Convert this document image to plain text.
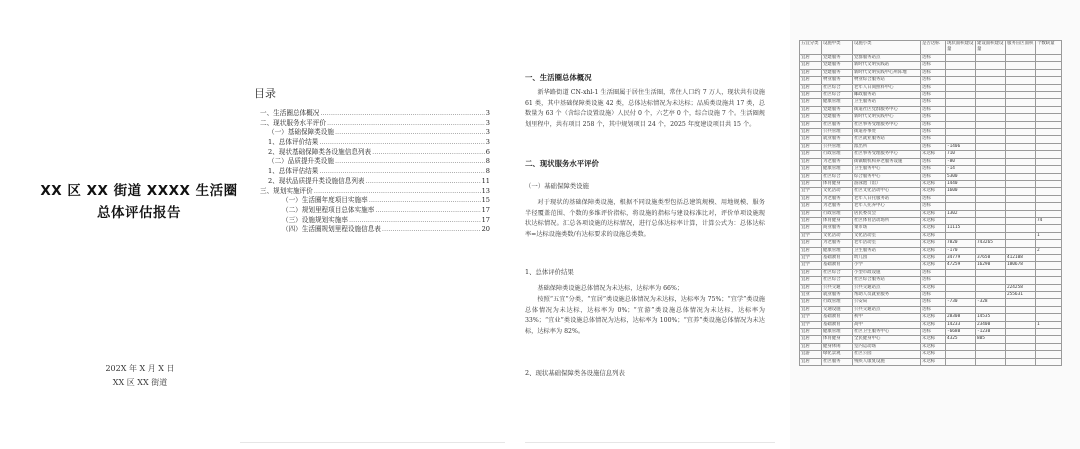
XX 区 XX 街道 XXXX 生活圈
总体评估报告
202X 年 X 月 X 日
XX 区 XX 街道
目录
一、生活圈总体概况 .....	3
二、现状服务水平评价 .....	3
（一）基础保障类设施 .....	3
1、总体评价结果 .....	3
2、现状基础保障类各设施信息列表 .....	6
（二）品质提升类设施 .....	8
1、总体评估结果 .....	8
2、现状品质提升类设施信息列表 .....	11
三、规划实施评价 .....	13
（一）生活圈年度项目实施率 .....	15
（二）规划里程项目总体实施率 .....	17
（三）设施规划实施率 .....	17
（四）生活圈规划里程设施信息表 .....	20
一、生活圈总体概况
新华路街道 CN-xhl-1 生活圈属于居住生活圈，常住人口约 7 万人，现状共有设施 61 类，其中基础保障类设施 42 类，总体达标情况为未达标；品质类设施共 17 类，总数量为 63 个（含综合设置设施）人民付 0 个，六艺亭 0 个，综合设施 7 个。生活圈规划里程中，共有项目 258 个，其中规划项目 24 个，2025 年度建设项目共 15 个。
二、现状服务水平评价
（一）基础保障类设施
对于现状的基础保障类设施，根据不同设施类型包括总建筑规模、用地规模、服务半径覆盖范围、个数的多维评价指标，将设施的指标与建设标准比对，评价单项设施现状达标情况。汇总各项设施的达标情况，进行总体达标率计算，计算公式为：总体达标率=达标设施类数/有达标要求的设施总类数。
1、总体评价结果
基础保障类设施总体情况为未达标，达标率为 66%；
按照“五宜”分类，“宜居”类设施总体情况为未达标，达标率为 75%；“宜学”类设施总体情况为未达标，达标率为 0%；“宜游”类设施总体情况为未达标，达标率为 33%；“宜业”类设施总体情况为达标，达标率为 100%；“宜养”类设施总体情况为未达标，达标率为 82%。
2、现状基础保障类各设施信息列表
五宜分类	设施中类	设施小类	是否达标	现状面积建设量	建设面积建设量	服务盲区面积	个数缺量
宜居	党建服务	党群服务站点	达标				
宜居	党建服务	新时代文明实践站	达标				
宜居	党建服务	新时代文明实践中心所阵地	达标				
宜居	物业服务	物业综合服务站	达标				
宜居	社区综合	老年人日间照料中心	达标				
宜居	社区综合	邮政服务站	达标				
宜居	健康管理	卫生服务站	达标				
宜居	党建服务	街道社区党群服务中心	达标				
宜居	党建服务	新时代文明实践中心	达标				
宜居	社区服务	社区事务受理服务中心	达标				
宜居	公共管理	街道办事处	达标				
宜居	就业服务	社区就业服务站	达标				
宜居	公共管理	派出所	达标	-1406			
宜居	行政管理	社区事务受理服务中心	未达标	710			
宜居	为老服务	街镇级机构养老服务设施	达标	-80			
宜居	健康管理	卫生服务中心	达标	-14			
宜居	社区综合	综合服务中心	达标	5300			
宜居	体育健身	游泳池（馆）	未达标	1440			
宜学	文化活动	社区文化活动中心	未达标	1600			
宜居	为老服务	老年人日托服务站	达标				
宜居	为老服务	老年人托养中心	达标				
宜居	行政管理	居民委员会	未达标	1302			
宜居	体育健身	社区体育活动场所	未达标				74
宜居	商业服务	菜市场	未达标	11115			
宜学	文化活动	文化活动室	未达标				1
宜居	为老服务	老年活动室	未达标	7820	743265		
宜居	健康管理	卫生服务站	未达标	-170			2
宜学	基础教育	幼儿园	未达标	34779	37650	412108	
宜学	基础教育	小学	未达标	47259	16290	180678	
宜居	社区综合	小型市政设施	达标				
宜居	社区综合	社区综合服务站	达标				
宜居	公共交通	公共交通站点	未达标			224258	
宜业	就业服务	帮助人员就业服务	达标			255631	
宜居	行政管理	公安局	达标	-730	-328		
宜居	交通设施	公共交通站点	达标				
宜学	基础教育	初中	未达标	28308	14535		
宜学	基础教育	高中	未达标	14233	23400		1
宜居	健康管理	社区卫生服务中心	达标	-6680	-1230		
宜居	体育健身	全民健身中心	未达标	4325	805		
宜居	健身休闲	室内运动场	未达标				
宜游	绿化景观	社区公园	未达标				
宜居	社区服务	残疾人康复设施	未达标				
